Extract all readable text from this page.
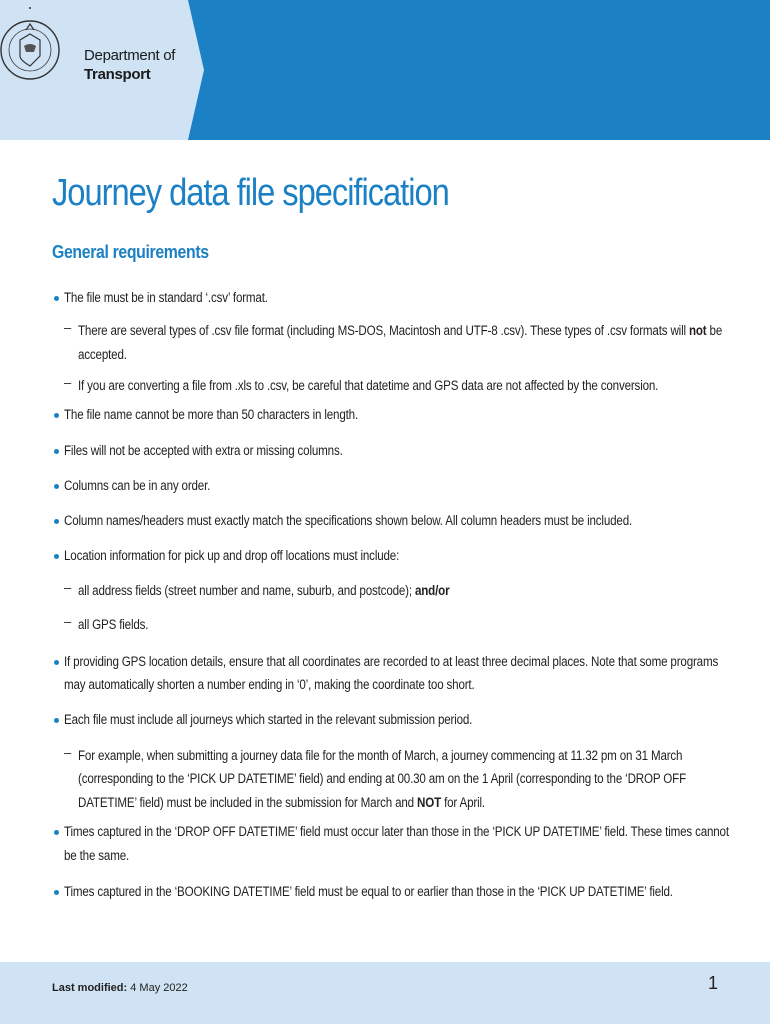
Department of
Transport
Journey data file specification
General requirements
The file must be in standard ‘.csv’ format.
– There are several types of .csv file format (including MS-DOS, Macintosh and UTF-8 .csv). These types of .csv formats will not be
accepted.
– If you are converting a file from .xls to .csv, be careful that datetime and GPS data are not affected by the conversion.
The file name cannot be more than 50 characters in length.
Files will not be accepted with extra or missing columns.
Columns can be in any order.
Column names/headers must exactly match the specifications shown below. All column headers must be included.
Location information for pick up and drop off locations must include:
– all address fields (street number and name, suburb, and postcode); and/or
– all GPS fields.
If providing GPS location details, ensure that all coordinates are recorded to at least three decimal places. Note that some programs
may automatically shorten a number ending in ‘0’, making the coordinate too short.
Each file must include all journeys which started in the relevant submission period.
– For example, when submitting a journey data file for the month of March, a journey commencing at 11.32 pm on 31 March
(corresponding to the ‘PICK UP DATETIME’ field) and ending at 00.30 am on the 1 April (corresponding to the ‘DROP OFF
DATETIME’ field) must be included in the submission for March and NOT for April.
Times captured in the ‘DROP OFF DATETIME’ field must occur later than those in the ‘PICK UP DATETIME’ field. These times cannot
be the same.
Times captured in the ‘BOOKING DATETIME’ field must be equal to or earlier than those in the ‘PICK UP DATETIME’ field.
Last modified: 4 May 2022	1
